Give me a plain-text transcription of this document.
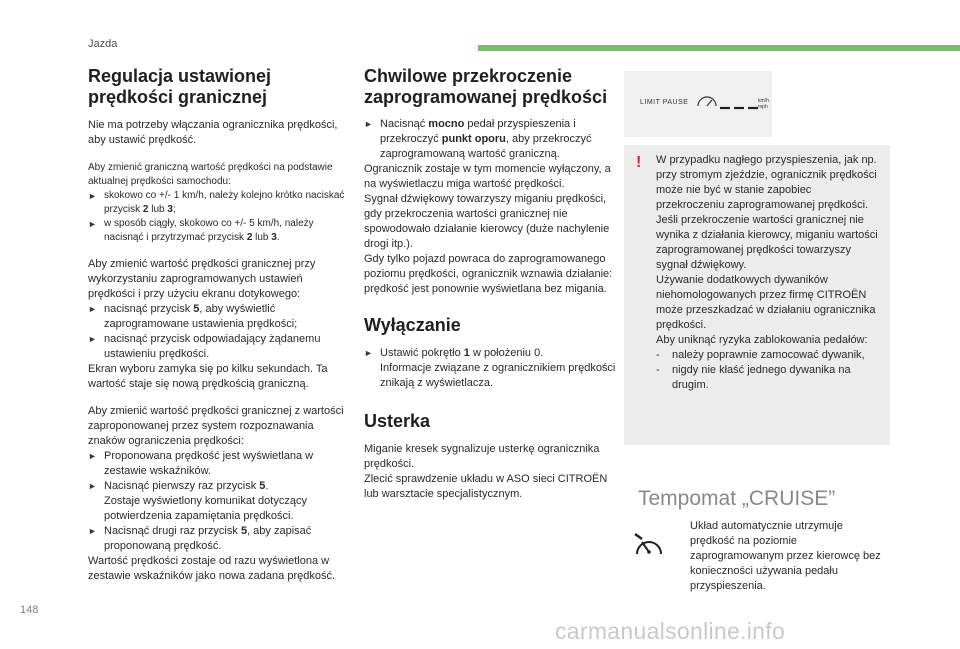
Jazda
Regulacja ustawionej prędkości granicznej

Nie ma potrzeby włączania ogranicznika prędkości, aby ustawić prędkość.

Aby zmienić graniczną wartość prędkości na podstawie aktualnej prędkości samochodu:

► skokowo co +/- 1 km/h, należy kolejno krótko naciskać przycisk 2 lub 3;
► w sposób ciągły, skokowo co +/- 5 km/h, należy nacisnąć i przytrzymać przycisk 2 lub 3.

Aby zmienić wartość prędkości granicznej przy wykorzystaniu zaprogramowanych ustawień prędkości i przy użyciu ekranu dotykowego:

► nacisnąć przycisk 5, aby wyświetlić zaprogramowane ustawienia prędkości;
► nacisnąć przycisk odpowiadający żądanemu ustawieniu prędkości.

Ekran wyboru zamyka się po kilku sekundach. Ta wartość staje się nową prędkością graniczną.

Aby zmienić wartość prędkości granicznej z wartości zaproponowanej przez system rozpoznawania znaków ograniczenia prędkości:

► Proponowana prędkość jest wyświetlana w zestawie wskaźników.
► Nacisnąć pierwszy raz przycisk 5.
Zostaje wyświetlony komunikat dotyczący potwierdzenia zapamiętania prędkości.
► Nacisnąć drugi raz przycisk 5, aby zapisać proponowaną prędkość.

Wartość prędkości zostaje od razu wyświetlona w zestawie wskaźników jako nowa zadana prędkość.

Chwilowe przekroczenie zaprogramowanej prędkości
► Nacisnąć mocno pedał przyspieszenia i przekroczyć punkt oporu, aby przekroczyć zaprogramowaną wartość graniczną.

Ogranicznik zostaje w tym momencie wyłączony, a na wyświetlaczu miga wartość prędkości.

Sygnał dźwiękowy towarzyszy miganiu prędkości, gdy przekroczenia wartości granicznej nie spowodowało działanie kierowcy (duże nachylenie drogi itp.).

Gdy tylko pojazd powraca do zaprogramowanego poziomu prędkości, ogranicznik wznawia działanie: prędkość jest ponownie wyświetlana bez migania.

Wyłączanie
► Ustawić pokrętło 1 w położeniu 0.
Informacje związane z ogranicznikiem prędkości znikają z wyświetlacza.
Usterka

Miganie kresek sygnalizuje usterkę ogranicznika prędkości.

Zlecić sprawdzenie układu w ASO sieci CITROËN lub warsztacie specjalistycznym.

LIMIT PAUSE	km/h
mph
! W przypadku nagłego przyspieszenia, jak np. przy stromym zjeździe, ogranicznik prędkości może nie być w stanie zapobiec przekroczeniu zaprogramowanej prędkości.

Jeśli przekroczenie wartości granicznej nie wynika z działania kierowcy, miganiu wartości zaprogramowanej prędkości towarzyszy sygnał dźwiękowy.

Używanie dodatkowych dywaników niehomologowanych przez firmę CITROËN może przeszkadzać w działaniu ogranicznika prędkości.

Aby uniknąć ryzyka zablokowania pedałów:

- należy poprawnie zamocować dywanik,
- nigdy nie kłaść jednego dywanika na drugim.
Tempomat „CRUISE”
Układ automatycznie utrzymuje prędkość na poziomie zaprogramowanym przez kierowcę bez konieczności używania pedału przyspieszenia.
148
carmanualsonline.info
